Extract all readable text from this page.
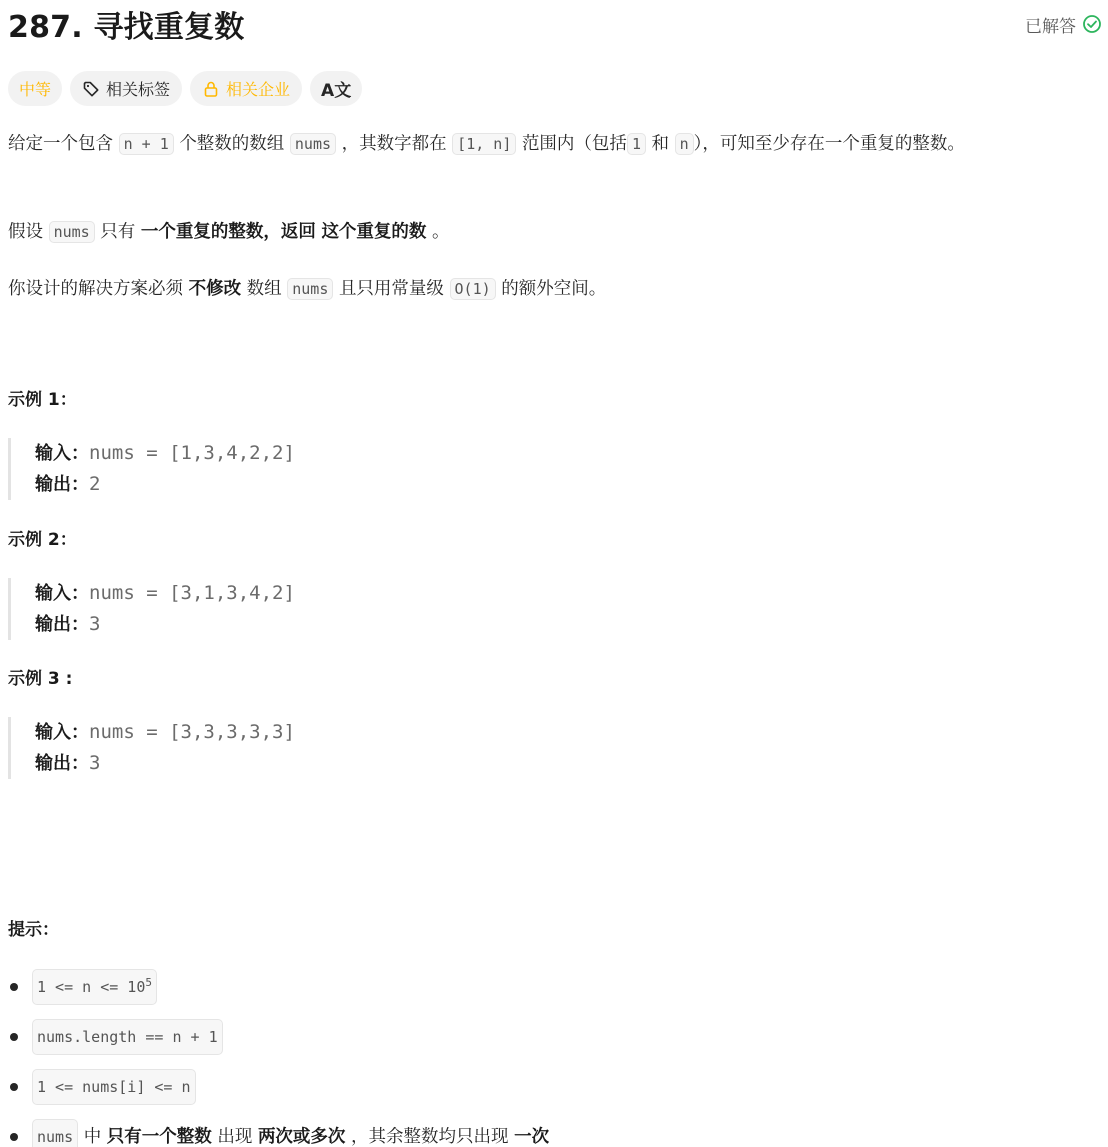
287. 寻找重复数	已解答
中等	相关标签	相关企业 A文
给定一个包含 n + 1 个整数的数组 nums ，其数字都在 [1, n] 范围内（包括 1 和 n ），可知至少存在一个重复的整数。
假设 nums 只有 一个重复的整数，返回 这个重复的数 。
你设计的解决方案必须 不修改 数组 nums 且只用常量级 O(1) 的额外空间。
示例 1：
输入：nums = [1,3,4,2,2]
输出：2
示例 2：
输入：nums = [3,1,3,4,2]
输出：3
示例 3 :
输入：nums = [3,3,3,3,3]
输出：3
提示：
$1 <= n <= 10^5$
nums.length == n + 1
1 <= nums[i] <= n
nums
中
只有一个整数
出现
两次或多次
，其余整数均只出现
一次
